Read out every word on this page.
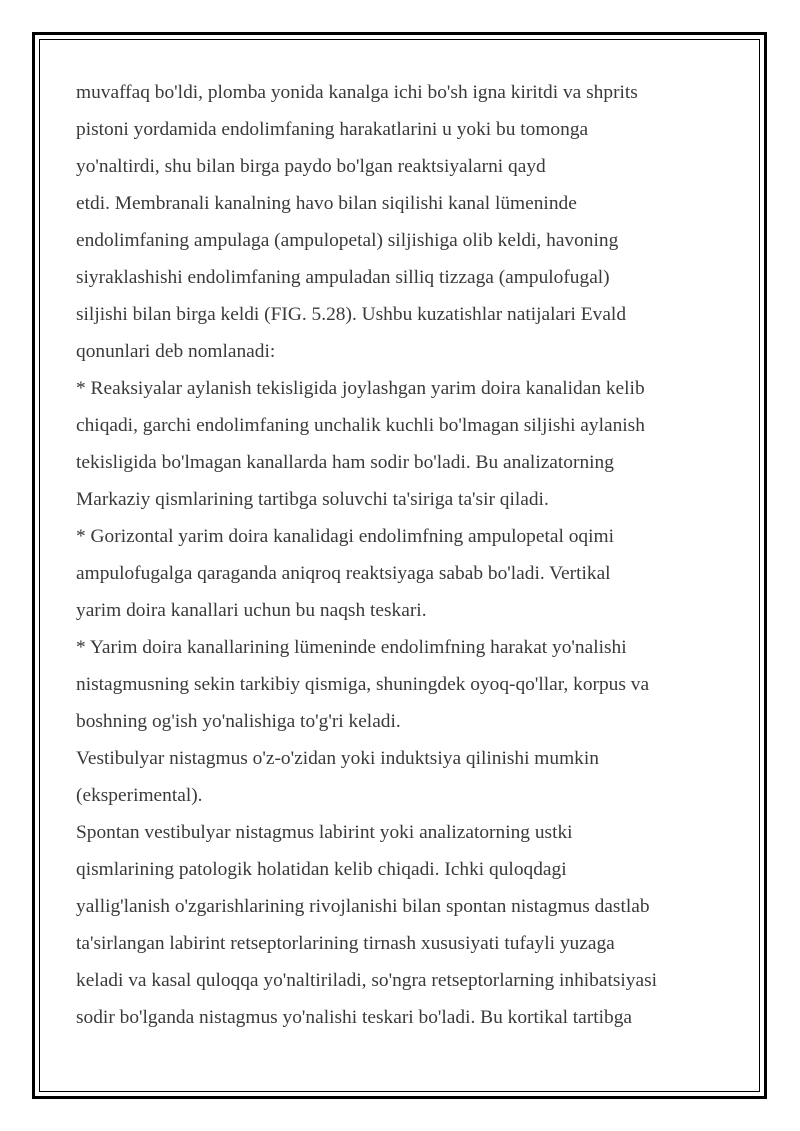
muvaffaq bo'ldi, plomba yonida kanalga ichi bo'sh igna kiritdi va shprits
pistoni yordamida endolimfaning harakatlarini u yoki bu tomonga
yo'naltirdi, shu bilan birga paydo bo'lgan reaktsiyalarni qayd
etdi. Membranali kanalning havo bilan siqilishi kanal lümeninde
endolimfaning ampulaga (ampulopetal) siljishiga olib keldi, havoning
siyraklashishi endolimfaning ampuladan silliq tizzaga (ampulofugal)
siljishi bilan birga keldi (FIG. 5.28). Ushbu kuzatishlar natijalari Evald
qonunlari deb nomlanadi:
* Reaksiyalar aylanish tekisligida joylashgan yarim doira kanalidan kelib
chiqadi, garchi endolimfaning unchalik kuchli bo'lmagan siljishi aylanish
tekisligida bo'lmagan kanallarda ham sodir bo'ladi. Bu analizatorning
Markaziy qismlarining tartibga soluvchi ta'siriga ta'sir qiladi.
* Gorizontal yarim doira kanalidagi endolimfning ampulopetal oqimi
ampulofugalga qaraganda aniqroq reaktsiyaga sabab bo'ladi. Vertikal
yarim doira kanallari uchun bu naqsh teskari.
* Yarim doira kanallarining lümeninde endolimfning harakat yo'nalishi
nistagmusning sekin tarkibiy qismiga, shuningdek oyoq-qo'llar, korpus va
boshning og'ish yo'nalishiga to'g'ri keladi.
Vestibulyar nistagmus o'z-o'zidan yoki induktsiya qilinishi mumkin
(eksperimental).
Spontan vestibulyar nistagmus labirint yoki analizatorning ustki
qismlarining patologik holatidan kelib chiqadi. Ichki quloqdagi
yallig'lanish o'zgarishlarining rivojlanishi bilan spontan nistagmus dastlab
ta'sirlangan labirint retseptorlarining tirnash xususiyati tufayli yuzaga
keladi va kasal quloqqa yo'naltiriladi, so'ngra retseptorlarning inhibatsiyasi
sodir bo'lganda nistagmus yo'nalishi teskari bo'ladi. Bu kortikal tartibga
